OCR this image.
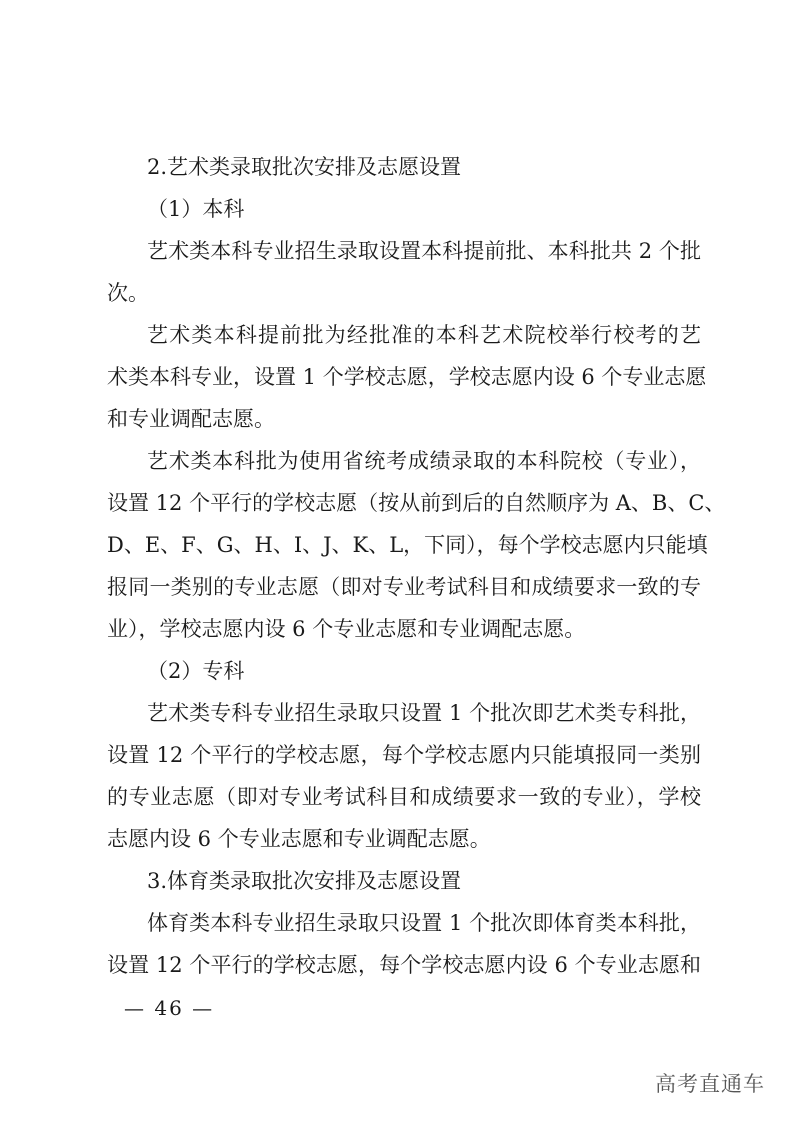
2.艺术类录取批次安排及志愿设置
（1）本科
艺术类本科专业招生录取设置本科提前批、本科批共 2 个批
次。
艺术类本科提前批为经批准的本科艺术院校举行校考的艺
术类本科专业，设置 1 个学校志愿，学校志愿内设 6 个专业志愿
和专业调配志愿。
艺术类本科批为使用省统考成绩录取的本科院校（专业），
设置 12 个平行的学校志愿（按从前到后的自然顺序为 A、B、C、
D、E、F、G、H、I、J、K、L，下同），每个学校志愿内只能填
报同一类别的专业志愿（即对专业考试科目和成绩要求一致的专
业），学校志愿内设 6 个专业志愿和专业调配志愿。
（2）专科
艺术类专科专业招生录取只设置 1 个批次即艺术类专科批，
设置 12 个平行的学校志愿，每个学校志愿内只能填报同一类别
的专业志愿（即对专业考试科目和成绩要求一致的专业），学校
志愿内设 6 个专业志愿和专业调配志愿。
3.体育类录取批次安排及志愿设置
体育类本科专业招生录取只设置 1 个批次即体育类本科批，
设置 12 个平行的学校志愿，每个学校志愿内设 6 个专业志愿和
— 46 —
高考直通车
